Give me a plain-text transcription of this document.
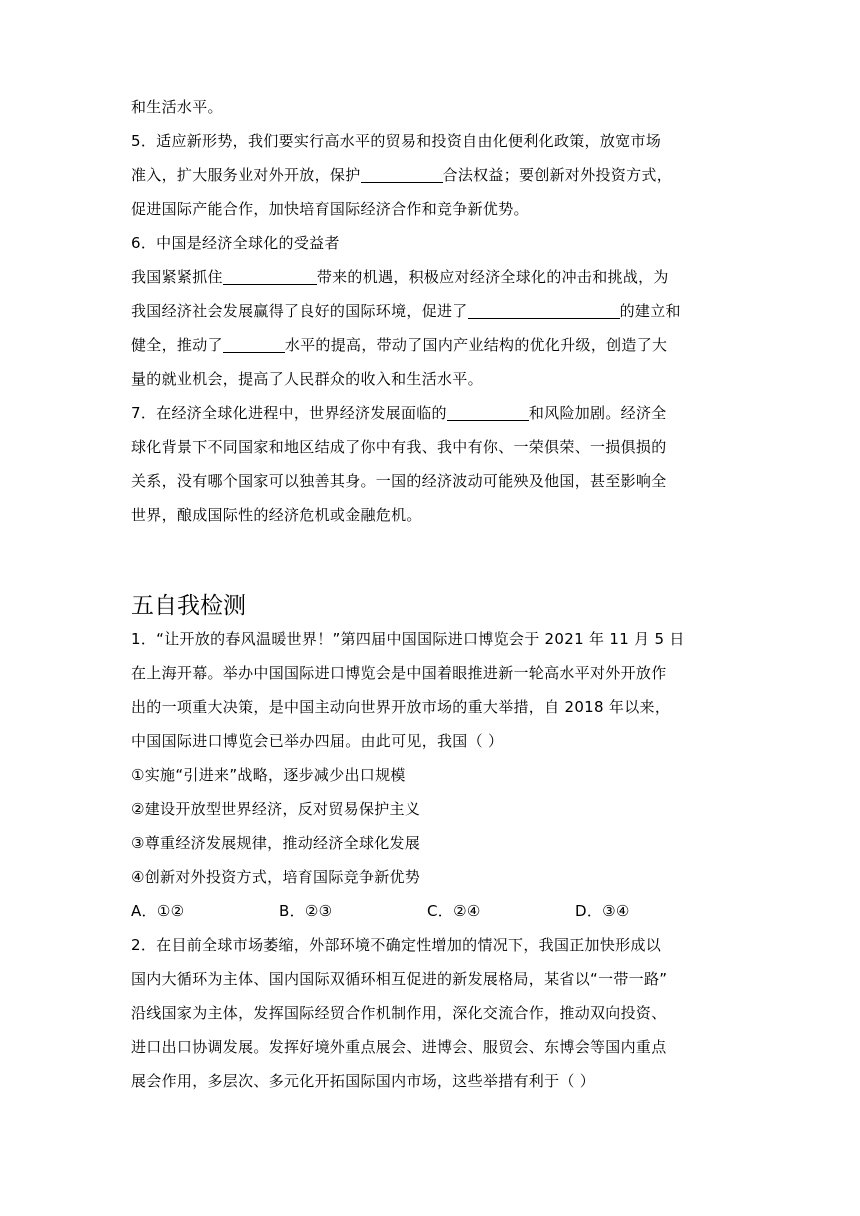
和生活水平。
5．适应新形势，我们要实行高水平的贸易和投资自由化便利化政策，放宽市场
准入，扩大服务业对外开放，保护	合法权益；要创新对外投资方式，
促进国际产能合作，加快培育国际经济合作和竞争新优势。
6．中国是经济全球化的受益者
我国紧紧抓住	带来的机遇，积极应对经济全球化的冲击和挑战，为
我国经济社会发展赢得了良好的国际环境，促进了	的建立和
健全，推动了	水平的提高，带动了国内产业结构的优化升级，创造了大
量的就业机会，提高了人民群众的收入和生活水平。
7．在经济全球化进程中，世界经济发展面临的	和风险加剧。经济全
球化背景下不同国家和地区结成了你中有我、我中有你、一荣俱荣、一损俱损的
关系，没有哪个国家可以独善其身。一国的经济波动可能殃及他国，甚至影响全
世界，酿成国际性的经济危机或金融危机。
五自我检测
1．“让开放的春风温暖世界！”第四届中国国际进口博览会于 2021 年 11 月 5 日
在上海开幕。举办中国国际进口博览会是中国着眼推进新一轮高水平对外开放作
出的一项重大决策，是中国主动向世界开放市场的重大举措，自 2018 年以来，
中国国际进口博览会已举办四届。由此可见，我国（ ）
①实施“引进来”战略，逐步减少出口规模
②建设开放型世界经济，反对贸易保护主义
③尊重经济发展规律，推动经济全球化发展
④创新对外投资方式，培育国际竞争新优势
A．①②	B．②③	C．②④	D．③④
2．在目前全球市场萎缩，外部环境不确定性增加的情况下，我国正加快形成以
国内大循环为主体、国内国际双循环相互促进的新发展格局，某省以“一带一路”
沿线国家为主体，发挥国际经贸合作机制作用，深化交流合作，推动双向投资、
进口出口协调发展。发挥好境外重点展会、进博会、服贸会、东博会等国内重点
展会作用，多层次、多元化开拓国际国内市场，这些举措有利于（ ）
